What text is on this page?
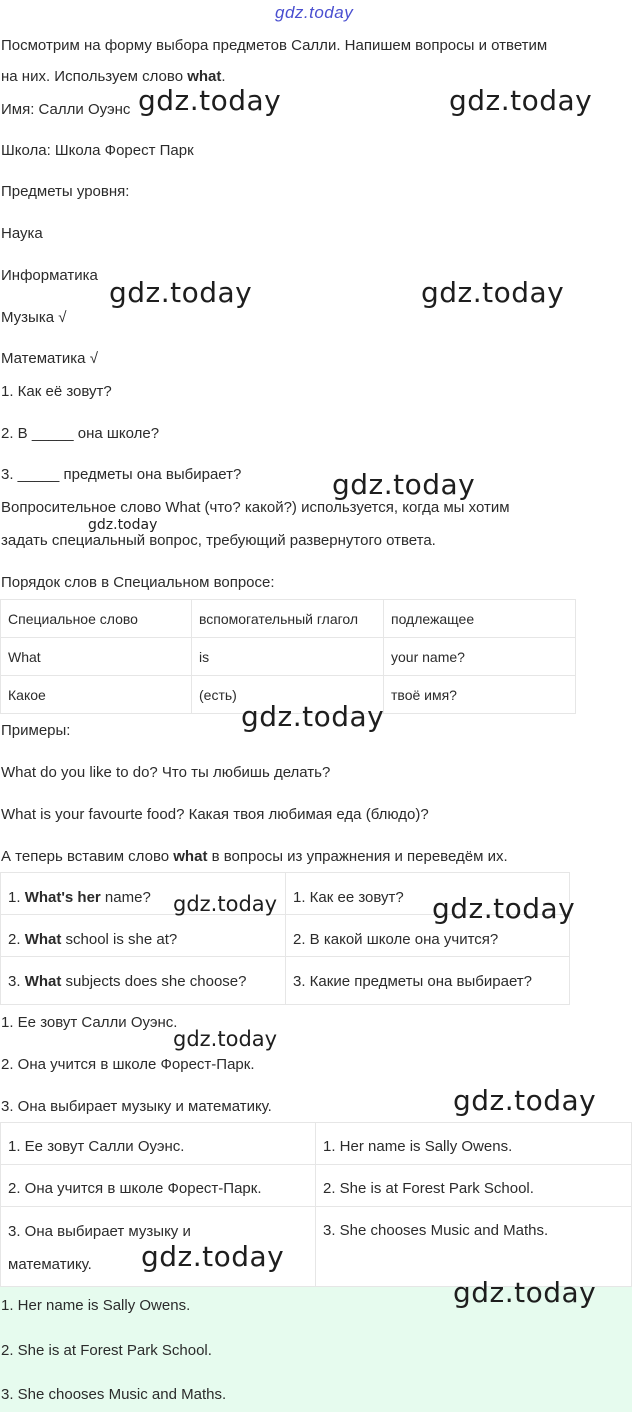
gdz.today
Посмотрим на форму выбора предметов Салли. Напишем вопросы и ответим
на них. Используем слово what.
Имя: Салли Оуэнс
Школа: Школа Форест Парк
Предметы уровня:
Наука
Информатика
Музыка √
Математика √
1. Как её зовут?
2. В _____ она школе?
3. _____ предметы она выбирает?
Вопросительное слово What (что? какой?) используется, когда мы хотим
задать специальный вопрос, требующий развернутого ответа.
Порядок слов в Специальном вопросе:
Специальное слово	вспомогательный глагол	подлежащее
What	is	your name?
Какое	(есть)	твоё имя?
Примеры:
What do you like to do? Что ты любишь делать?
What is your favourte food? Какая твоя любимая еда (блюдо)?
А теперь вставим слово what в вопросы из упражнения и переведём их.
1. What's her name?	1. Как ее зовут?
2. What school is she at?	2. В какой школе она учится?
3. What subjects does she choose?	3. Какие предметы она выбирает?
1. Ее зовут Салли Оуэнс.
2. Она учится в школе Форест-Парк.
3. Она выбирает музыку и математику.
1. Ее зовут Салли Оуэнс.	1. Her name is Sally Owens.
2. Она учится в школе Форест-Парк.	2. She is at Forest Park School.

3. Она выбирает музыку и
математику.	3. She chooses Music and Maths.
1. Her name is Sally Owens.
2. She is at Forest Park School.
3. She chooses Music and Maths.
gdz.today	gdz.today
gdz.today	gdz.today
gdz.today
gdz.today
gdz.today
gdz.today	gdz.today
gdz.today
gdz.today
gdz.today
gdz.today
